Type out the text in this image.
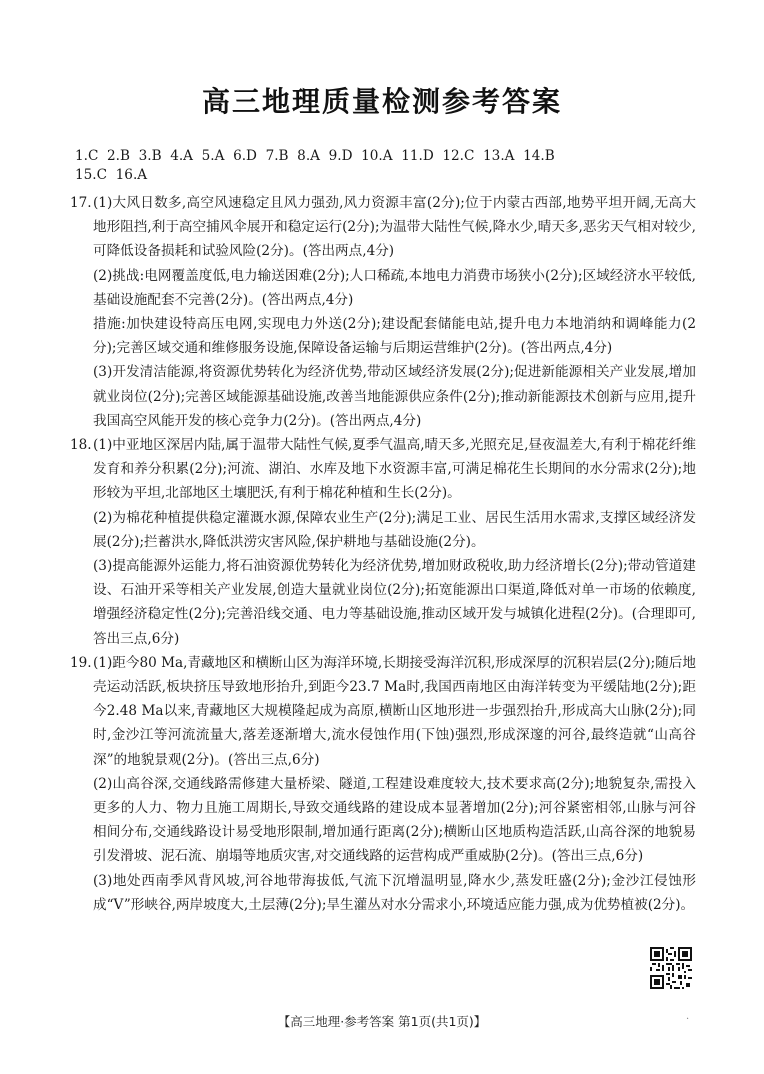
高三地理质量检测参考答案
1.C  2.B  3.B  4.A  5.A  6.D  7.B  8.A  9.D  10.A  11.D  12.C  13.A  14.B
15.C  16.A
17. (1)大风日数多,高空风速稳定且风力强劲,风力资源丰富(2分);位于内蒙古西部,地势平坦开阔,无高大地形阻挡,利于高空捕风伞展开和稳定运行(2分);为温带大陆性气候,降水少,晴天多,恶劣天气相对较少,可降低设备损耗和试验风险(2分)。(答出两点,4分)

(2)挑战:电网覆盖度低,电力输送困难(2分);人口稀疏,本地电力消费市场狭小(2分);区域经济水平较低,基础设施配套不完善(2分)。(答出两点,4分)

措施:加快建设特高压电网,实现电力外送(2分);建设配套储能电站,提升电力本地消纳和调峰能力(2分);完善区域交通和维修服务设施,保障设备运输与后期运营维护(2分)。(答出两点,4分)

(3)开发清洁能源,将资源优势转化为经济优势,带动区域经济发展(2分);促进新能源相关产业发展,增加就业岗位(2分);完善区域能源基础设施,改善当地能源供应条件(2分);推动新能源技术创新与应用,提升我国高空风能开发的核心竞争力(2分)。(答出两点,4分)

18. (1)中亚地区深居内陆,属于温带大陆性气候,夏季气温高,晴天多,光照充足,昼夜温差大,有利于棉花纤维发育和养分积累(2分);河流、湖泊、水库及地下水资源丰富,可满足棉花生长期间的水分需求(2分);地形较为平坦,北部地区土壤肥沃,有利于棉花种植和生长(2分)。

(2)为棉花种植提供稳定灌溉水源,保障农业生产(2分);满足工业、居民生活用水需求,支撑区域经济发展(2分);拦蓄洪水,降低洪涝灾害风险,保护耕地与基础设施(2分)。

(3)提高能源外运能力,将石油资源优势转化为经济优势,增加财政税收,助力经济增长(2分);带动管道建设、石油开采等相关产业发展,创造大量就业岗位(2分);拓宽能源出口渠道,降低对单一市场的依赖度,增强经济稳定性(2分);完善沿线交通、电力等基础设施,推动区域开发与城镇化进程(2分)。(合理即可,答出三点,6分)

19. (1)距今80 Ma,青藏地区和横断山区为海洋环境,长期接受海洋沉积,形成深厚的沉积岩层(2分);随后地壳运动活跃,板块挤压导致地形抬升,到距今23.7 Ma时,我国西南地区由海洋转变为平缓陆地(2分);距今2.48 Ma以来,青藏地区大规模隆起成为高原,横断山区地形进一步强烈抬升,形成高大山脉(2分);同时,金沙江等河流流量大,落差逐渐增大,流水侵蚀作用(下蚀)强烈,形成深邃的河谷,最终造就“山高谷深”的地貌景观(2分)。(答出三点,6分)

(2)山高谷深,交通线路需修建大量桥梁、隧道,工程建设难度较大,技术要求高(2分);地貌复杂,需投入更多的人力、物力且施工周期长,导致交通线路的建设成本显著增加(2分);河谷紧密相邻,山脉与河谷相间分布,交通线路设计易受地形限制,增加通行距离(2分);横断山区地质构造活跃,山高谷深的地貌易引发滑坡、泥石流、崩塌等地质灾害,对交通线路的运营构成严重威胁(2分)。(答出三点,6分)

(3)地处西南季风背风坡,河谷地带海拔低,气流下沉增温明显,降水少,蒸发旺盛(2分);金沙江侵蚀形成“V”形峡谷,两岸坡度大,土层薄(2分);旱生灌丛对水分需求小,环境适应能力强,成为优势植被(2分)。

【高三地理·参考答案 第1页(共1页)】	·
